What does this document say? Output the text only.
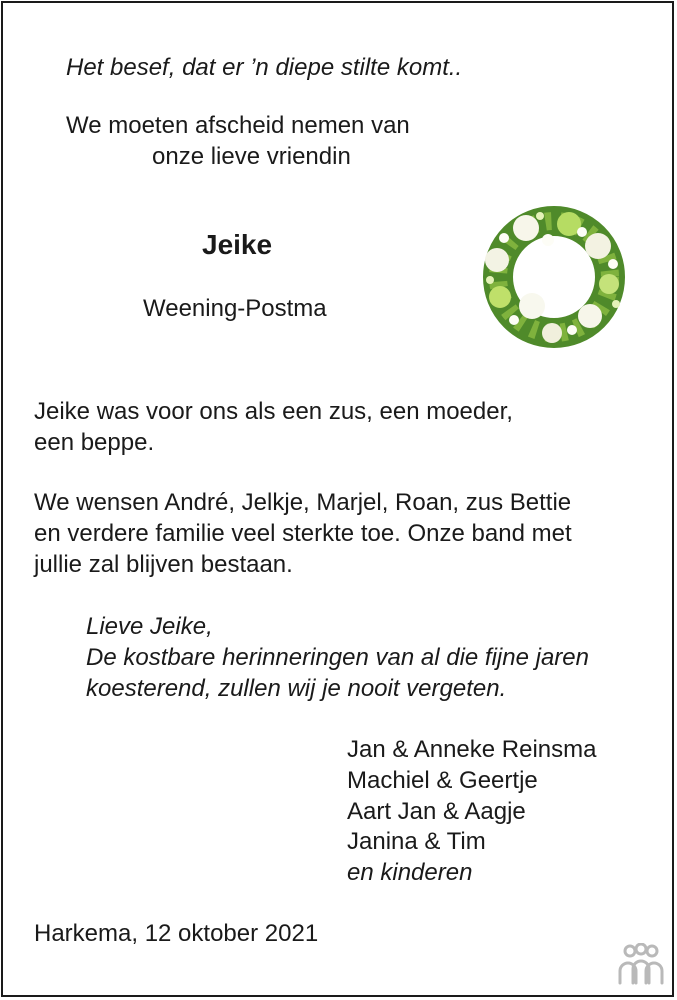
Het besef, dat er ’n diepe stilte komt..
We moeten afscheid nemen van
onze lieve vriendin
Jeike
Weening-Postma
Jeike was voor ons als een zus, een moeder,
een beppe.
We wensen André, Jelkje, Marjel, Roan, zus Bettie
en verdere familie veel sterkte toe. Onze band met
jullie zal blijven bestaan.
Lieve Jeike,
De kostbare herinneringen van al die fijne jaren
koesterend, zullen wij je nooit vergeten.
Jan & Anneke Reinsma
Machiel & Geertje
Aart Jan & Aagje
Janina & Tim
en kinderen
Harkema, 12 oktober 2021
